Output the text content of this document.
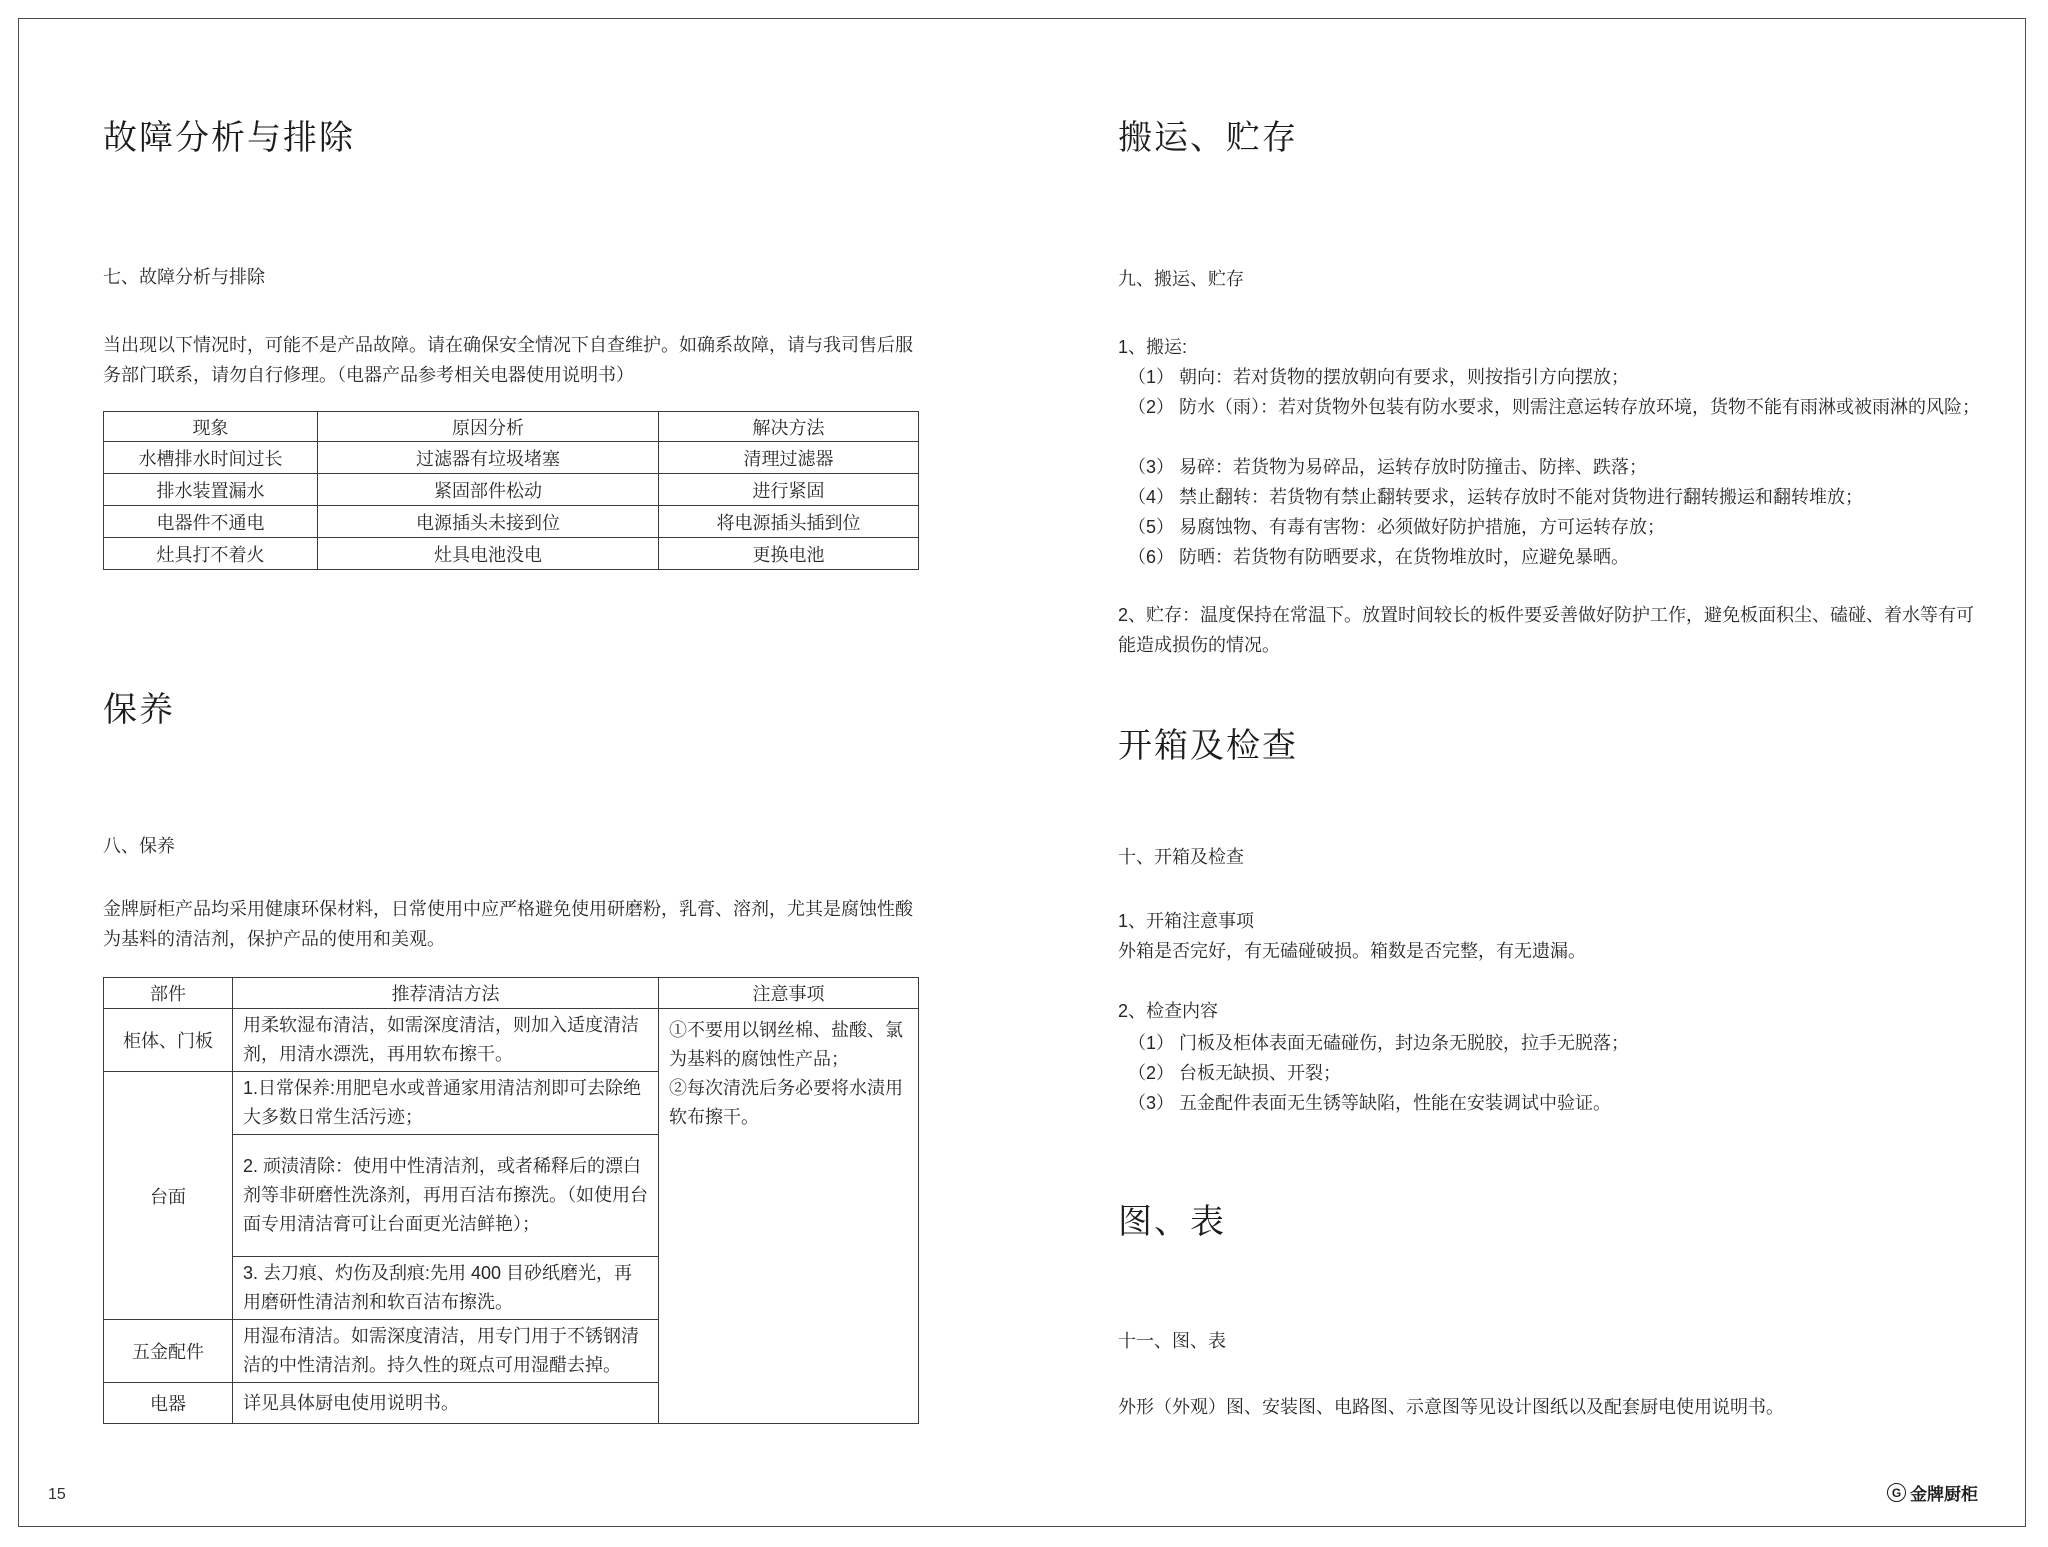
故障分析与排除
七、故障分析与排除

当出现以下情况时，可能不是产品故障。请在确保安全情况下自查维护。如确系故障，请与我司售后服务部门联系，请勿自行修理。（电器产品参考相关电器使用说明书）

现象	原因分析	解决方法
水槽排水时间过长	过滤器有垃圾堵塞	清理过滤器
排水装置漏水	紧固部件松动	进行紧固
电器件不通电	电源插头未接到位	将电源插头插到位
灶具打不着火	灶具电池没电	更换电池
保养
八、保养

金牌厨柜产品均采用健康环保材料，日常使用中应严格避免使用研磨粉，乳膏、溶剂，尤其是腐蚀性酸为基料的清洁剂，保护产品的使用和美观。

部件	推荐清洁方法	注意事项
柜体、门板	用柔软湿布清洁，如需深度清洁，则加入适度清洁剂，用清水漂洗，再用软布擦干。	①不要用以钢丝棉、盐酸、氯为基料的腐蚀性产品；
②每次清洗后务必要将水渍用软布擦干。

台面	1.日常保养:用肥皂水或普通家用清洁剂即可去除绝大多数日常生活污迹；	
	2. 顽渍清除：使用中性清洁剂，或者稀释后的漂白剂等非研磨性洗涤剂，再用百洁布擦洗。（如使用台面专用清洁膏可让台面更光洁鲜艳）；	
	3. 去刀痕、灼伤及刮痕:先用 400 目砂纸磨光，再用磨研性清洁剂和软百洁布擦洗。	
五金配件	用湿布清洁。如需深度清洁，用专门用于不锈钢清洁的中性清洁剂。持久性的斑点可用湿醋去掉。	
电器	详见具体厨电使用说明书。	
搬运、贮存
九、搬运、贮存

1、搬运:

（1） 朝向：若对货物的摆放朝向有要求，则按指引方向摆放；

（2） 防水（雨）：若对货物外包装有防水要求，则需注意运转存放环境，货物不能有雨淋或被雨淋的风险；

（3） 易碎：若货物为易碎品，运转存放时防撞击、防摔、跌落；

（4） 禁止翻转：若货物有禁止翻转要求，运转存放时不能对货物进行翻转搬运和翻转堆放；

（5） 易腐蚀物、有毒有害物：必须做好防护措施，方可运转存放；

（6） 防晒：若货物有防晒要求，在货物堆放时，应避免暴晒。

2、贮存：温度保持在常温下。放置时间较长的板件要妥善做好防护工作，避免板面积尘、磕碰、着水等有可能造成损伤的情况。

开箱及检查
十、开箱及检查

1、开箱注意事项

外箱是否完好，有无磕碰破损。箱数是否完整，有无遗漏。

2、检查内容

（1） 门板及柜体表面无磕碰伤，封边条无脱胶，拉手无脱落；

（2） 台板无缺损、开裂；

（3） 五金配件表面无生锈等缺陷，性能在安装调试中验证。

图、表
十一、图、表

外形（外观）图、安装图、电路图、示意图等见设计图纸以及配套厨电使用说明书。

15	G 金牌厨柜
